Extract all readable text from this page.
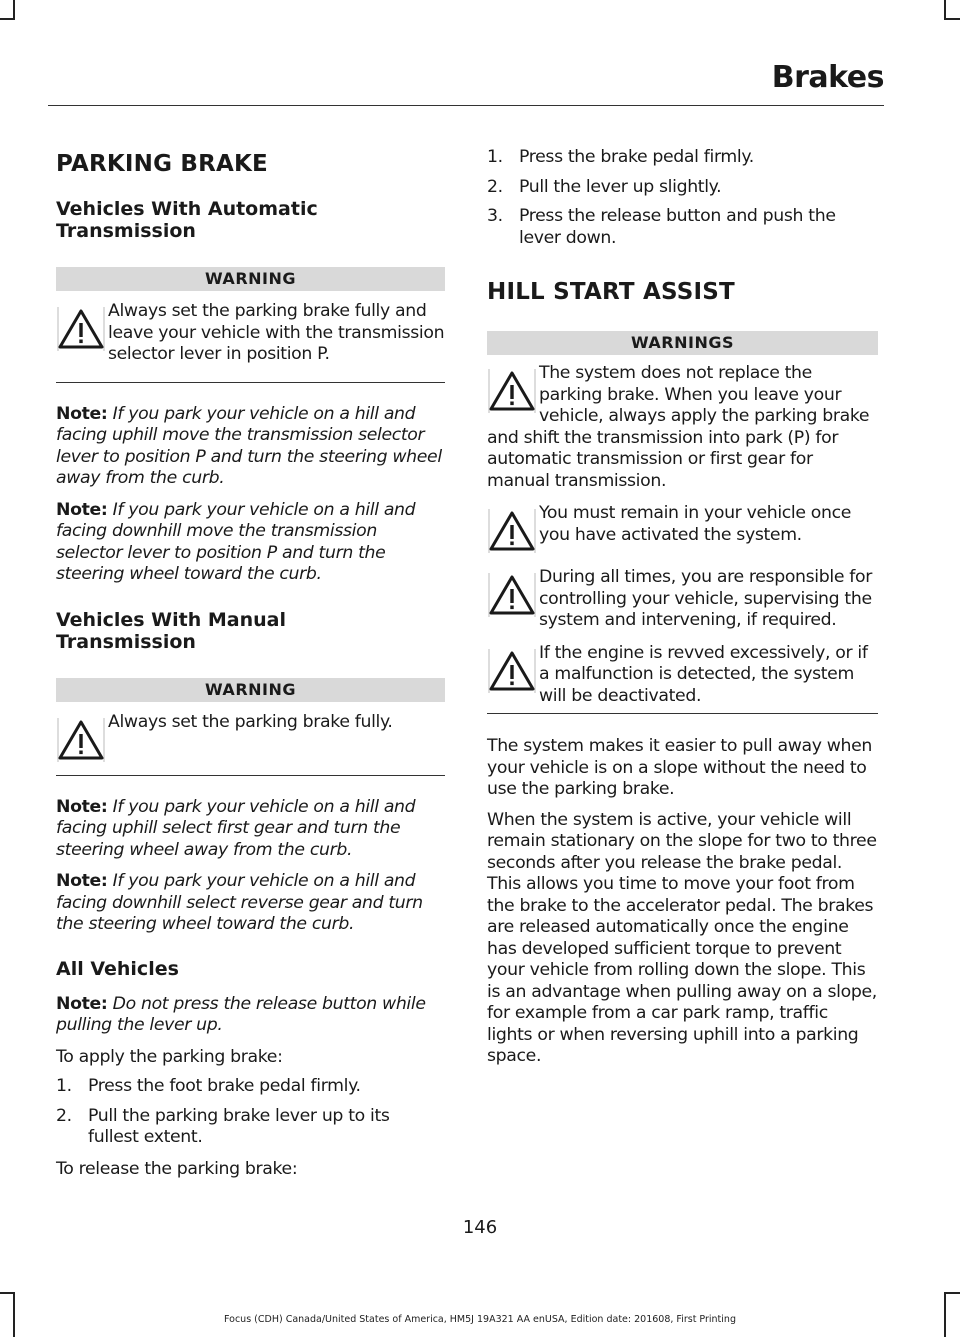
Brakes
PARKING BRAKE
Vehicles With Automatic Transmission
WARNING
Always set the parking brake fully and leave your vehicle with the transmission selector lever in position P.

Note: If you park your vehicle on a hill and facing uphill move the transmission selector lever to position P and turn the steering wheel away from the curb.

Note: If you park your vehicle on a hill and facing downhill move the transmission selector lever to position P and turn the steering wheel toward the curb.

Vehicles With Manual Transmission
WARNING
Always set the parking brake fully.

Note: If you park your vehicle on a hill and facing uphill select first gear and turn the steering wheel away from the curb.

Note: If you park your vehicle on a hill and facing downhill select reverse gear and turn the steering wheel toward the curb.

All Vehicles

Note: Do not press the release button while pulling the lever up.

To apply the parking brake:

1. Press the foot brake pedal firmly.
2. Pull the parking brake lever up to its fullest extent.

To release the parking brake:

1. Press the brake pedal firmly.
2. Pull the lever up slightly.
3. Press the release button and push the lever down.
HILL START ASSIST
WARNINGS
The system does not replace the parking brake. When you leave your vehicle, always apply the parking brake and shift the transmission into park (P) for automatic transmission or first gear for manual transmission.
You must remain in your vehicle once you have activated the system.
During all times, you are responsible for controlling your vehicle, supervising the system and intervening, if required.
If the engine is revved excessively, or if a malfunction is detected, the system will be deactivated.

The system makes it easier to pull away when your vehicle is on a slope without the need to use the parking brake.

When the system is active, your vehicle will remain stationary on the slope for two to three seconds after you release the brake pedal. This allows you time to move your foot from the brake to the accelerator pedal. The brakes are released automatically once the engine has developed sufficient torque to prevent your vehicle from rolling down the slope. This is an advantage when pulling away on a slope, for example from a car park ramp, traffic lights or when reversing uphill into a parking space.

146
Focus (CDH) Canada/United States of America, HM5J 19A321 AA enUSA, Edition date: 201608, First Printing
